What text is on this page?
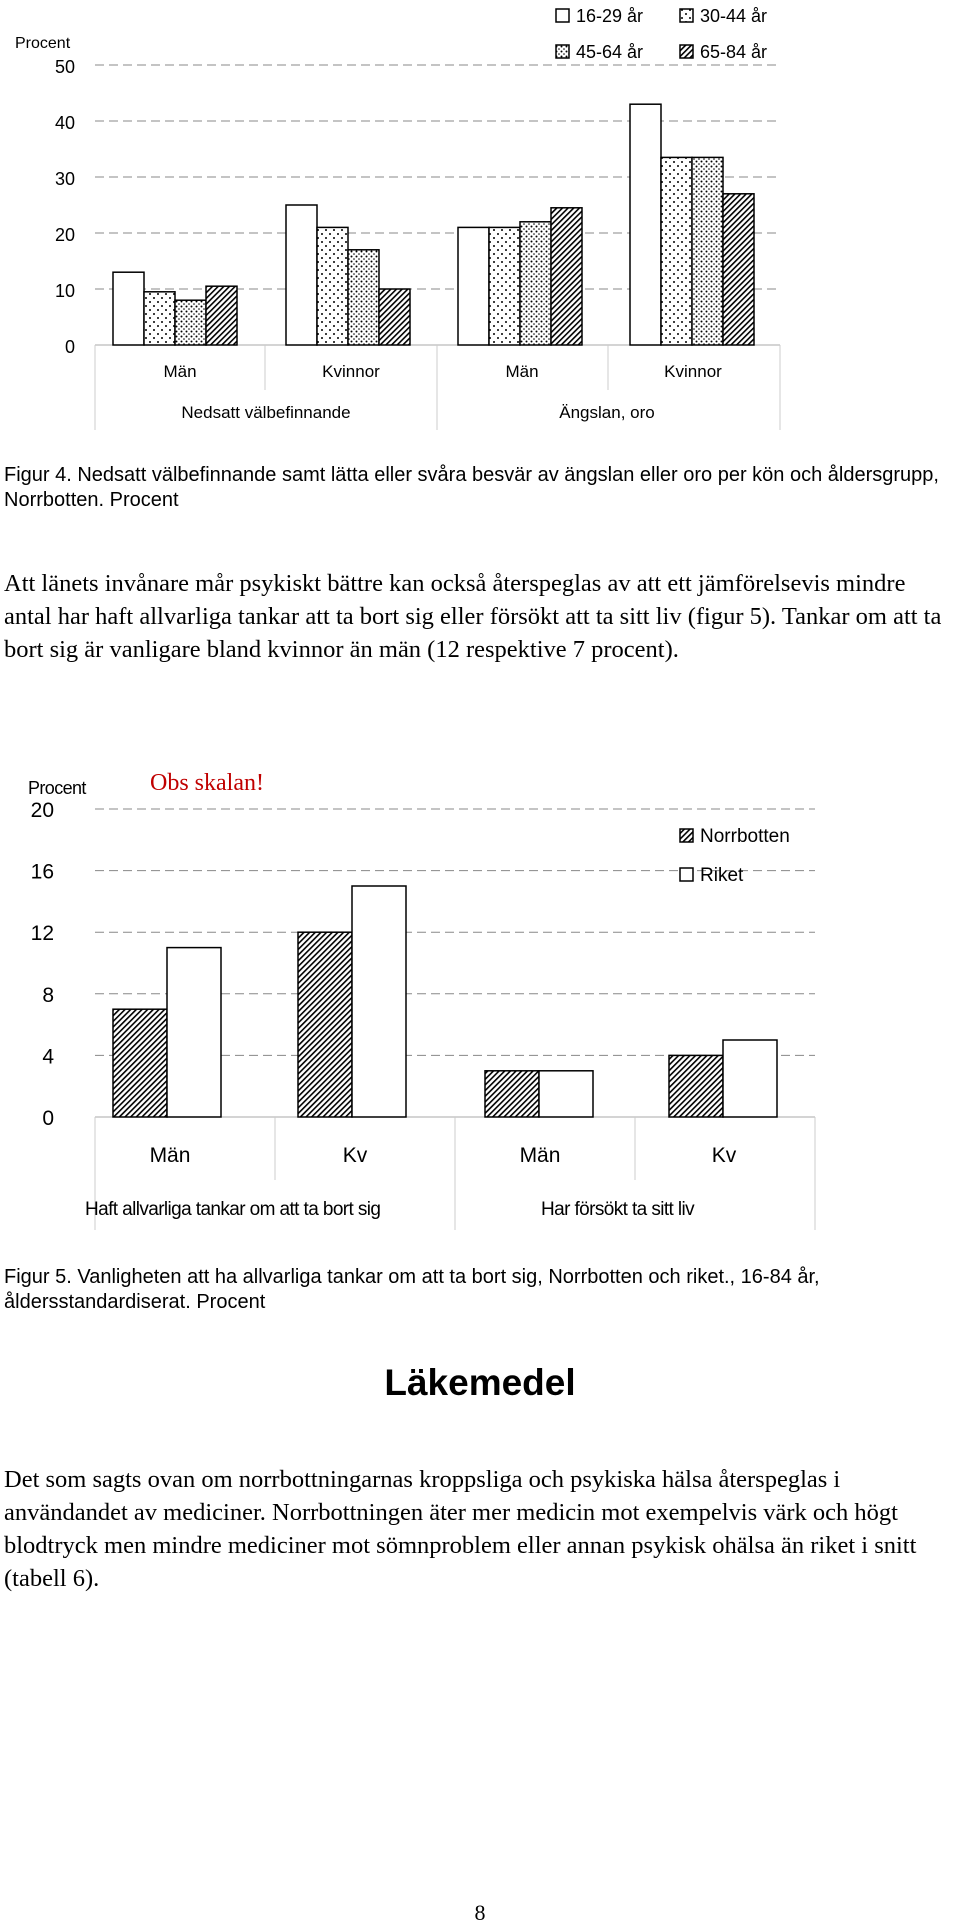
0
10
20
30
40
50
Män	Kvinnor	Män	Kvinnor
Nedsatt välbefinnande	Ängslan, oro
Procent
16-29 år	30-44 år
45-64 år	65-84 år
Figur 4. Nedsatt välbefinnande samt lätta eller svåra besvär av ängslan eller oro per kön och åldersgrupp, Norrbotten. Procent
Att länets invånare mår psykiskt bättre kan också återspeglas av att ett jämförelsevis mindre antal har haft allvarliga tankar att ta bort sig eller försökt att ta sitt liv (figur 5). Tankar om att ta bort sig är vanligare bland kvinnor än män (12 respektive 7 procent).
0
4
8
12
16
20
Män	Kv	Män	Kv
Haft allvarliga tankar om att ta bort sig	Har försökt ta sitt liv
Procent	Obs skalan!
Norrbotten
Riket
Figur 5. Vanligheten att ha allvarliga tankar om att ta bort sig, Norrbotten och riket., 16-84 år, åldersstandardiserat. Procent
Läkemedel
Det som sagts ovan om norrbottningarnas kroppsliga och psykiska hälsa återspeglas i användandet av mediciner. Norrbottningen äter mer medicin mot exempelvis värk och högt blodtryck men mindre mediciner mot sömnproblem eller annan psykisk ohälsa än riket i snitt (tabell 6).
8
